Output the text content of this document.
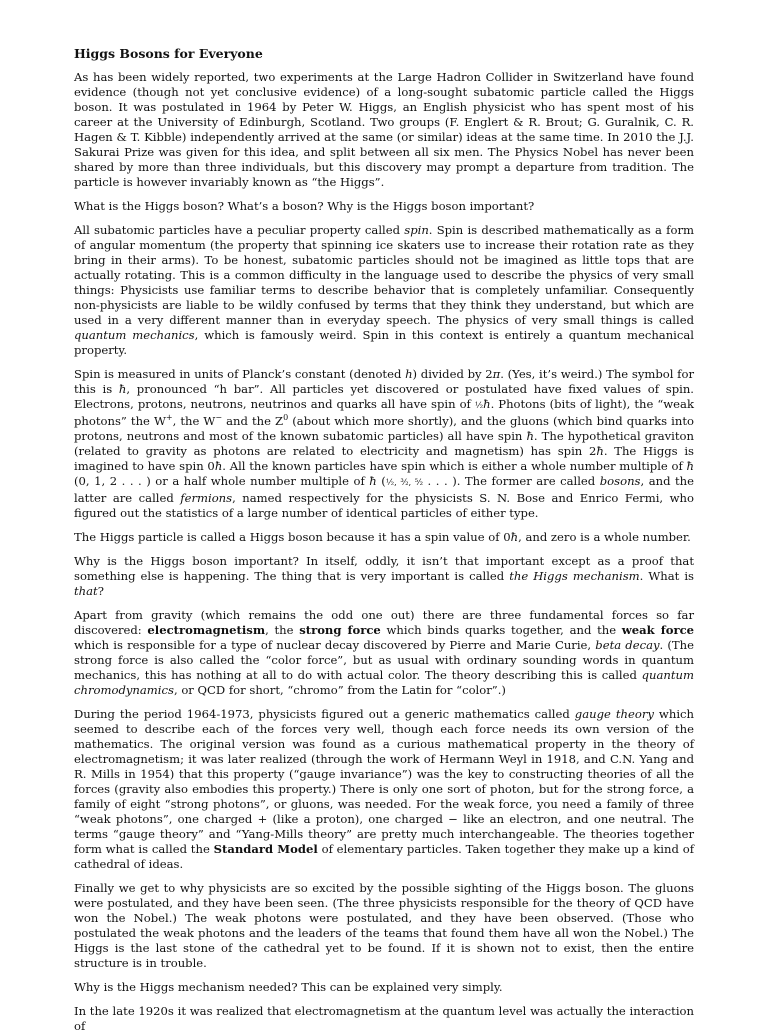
Higgs Bosons for Everyone

As has been widely reported, two experiments at the Large Hadron Collider in Switzerland have found evidence (though not yet conclusive evidence) of a long-sought subatomic particle called the Higgs boson. It was postulated in 1964 by Peter W. Higgs, an English physicist who has spent most of his career at the University of Edinburgh, Scotland. Two groups (F. Englert & R. Brout; G. Guralnik, C. R. Hagen & T. Kibble) independently arrived at the same (or similar) ideas at the same time. In 2010 the J.J. Sakurai Prize was given for this idea, and split between all six men. The Physics Nobel has never been shared by more than three individuals, but this discovery may prompt a departure from tradition. The particle is however invariably known as “the Higgs”.

What is the Higgs boson? What’s a boson? Why is the Higgs boson important?

All subatomic particles have a peculiar property called spin. Spin is described mathematically as a form of angular momentum (the property that spinning ice skaters use to increase their rotation rate as they bring in their arms). To be honest, subatomic particles should not be imagined as little tops that are actually rotating. This is a common difficulty in the language used to describe the physics of very small things: Physicists use familiar terms to describe behavior that is completely unfamiliar. Consequently non-physicists are liable to be wildly confused by terms that they think they understand, but which are used in a very different manner than in everyday speech. The physics of very small things is called quantum mechanics, which is famously weird. Spin in this context is entirely a quantum mechanical property.

Spin is measured in units of Planck’s constant (denoted h) divided by 2π. (Yes, it’s weird.) The symbol for this is ħ, pronounced “h bar”. All particles yet discovered or postulated have fixed values of spin. Electrons, protons, neutrons, neutrinos and quarks all have spin of ½ħ. Photons (bits of light), the “weak photons” the W+, the W− and the $Z^0$ (about which more shortly), and the gluons (which bind quarks into protons, neutrons and most of the known subatomic particles) all have spin ħ. The hypothetical graviton (related to gravity as photons are related to electricity and magnetism) has spin 2ħ. The Higgs is imagined to have spin 0ħ. All the known particles have spin which is either a whole number multiple of ħ (0, 1, 2 . . . ) or a half whole number multiple of ħ (½, ³⁄₂, ⁵⁄₂ . . . ). The former are called bosons, and the latter are called fermions, named respectively for the physicists S. N. Bose and Enrico Fermi, who figured out the statistics of a large number of identical particles of either type.

The Higgs particle is called a Higgs boson because it has a spin value of 0ħ, and zero is a whole number.

Why is the Higgs boson important? In itself, oddly, it isn’t that important except as a proof that something else is happening. The thing that is very important is called the Higgs mechanism. What is that?

Apart from gravity (which remains the odd one out) there are three fundamental forces so far discovered: electromagnetism, the strong force which binds quarks together, and the weak force which is responsible for a type of nuclear decay discovered by Pierre and Marie Curie, beta decay. (The strong force is also called the “color force”, but as usual with ordinary sounding words in quantum mechanics, this has nothing at all to do with actual color. The theory describing this is called quantum chromodynamics, or QCD for short, “chromo” from the Latin for “color”.)

During the period 1964-1973, physicists figured out a generic mathematics called gauge theory which seemed to describe each of the forces very well, though each force needs its own version of the mathematics. The original version was found as a curious mathematical property in the theory of electromagnetism; it was later realized (through the work of Hermann Weyl in 1918, and C.N. Yang and R. Mills in 1954) that this property (“gauge invariance”) was the key to constructing theories of all the forces (gravity also embodies this property.) There is only one sort of photon, but for the strong force, a family of eight “strong photons”, or gluons, was needed. For the weak force, you need a family of three “weak photons”, one charged + (like a proton), one charged − like an electron, and one neutral. The terms “gauge theory” and “Yang-Mills theory” are pretty much interchangeable. The theories together form what is called the Standard Model of elementary particles. Taken together they make up a kind of cathedral of ideas.

Finally we get to why physicists are so excited by the possible sighting of the Higgs boson. The gluons were postulated, and they have been seen. (The three physicists responsible for the theory of QCD have won the Nobel.) The weak photons were postulated, and they have been observed. (Those who postulated the weak photons and the leaders of the teams that found them have all won the Nobel.) The Higgs is the last stone of the cathedral yet to be found. If it is shown not to exist, then the entire structure is in trouble.

Why is the Higgs mechanism needed? This can be explained very simply.

In the late 1920s it was realized that electromagnetism at the quantum level was actually the interaction of
